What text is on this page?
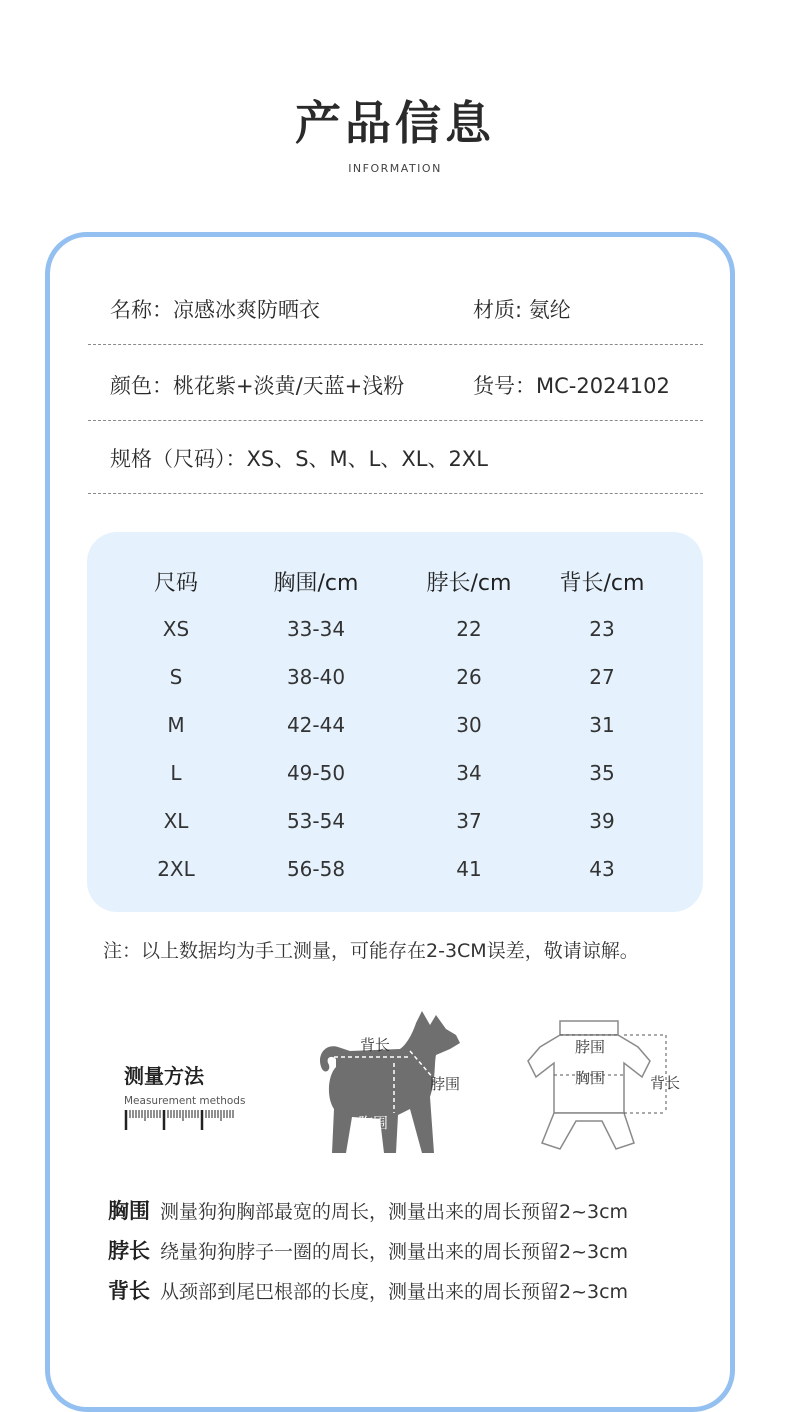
产品信息
INFORMATION
名称：凉感冰爽防晒衣	材质: 氨纶
颜色：桃花紫+淡黄/天蓝+浅粉	货号：MC-2024102
规格（尺码）：XS、S、M、L、XL、2XL
尺码	胸围/cm	脖长/cm 背长/cm
XS	33-34	22	23
S	38-40	26	27
M	42-44	30	31
L	49-50	34	35
XL	53-54	37	39
2XL	56-58	41	43
注：以上数据均为手工测量，可能存在2-3CM误差，敬请谅解。
测量方法
Measurement methods
背长
脖围
胸围
脖围
胸围	背长
胸围 测量狗狗胸部最宽的周长，测量出来的周长预留2~3cm
脖长 绕量狗狗脖子一圈的周长，测量出来的周长预留2~3cm
背长 从颈部到尾巴根部的长度，测量出来的周长预留2~3cm
